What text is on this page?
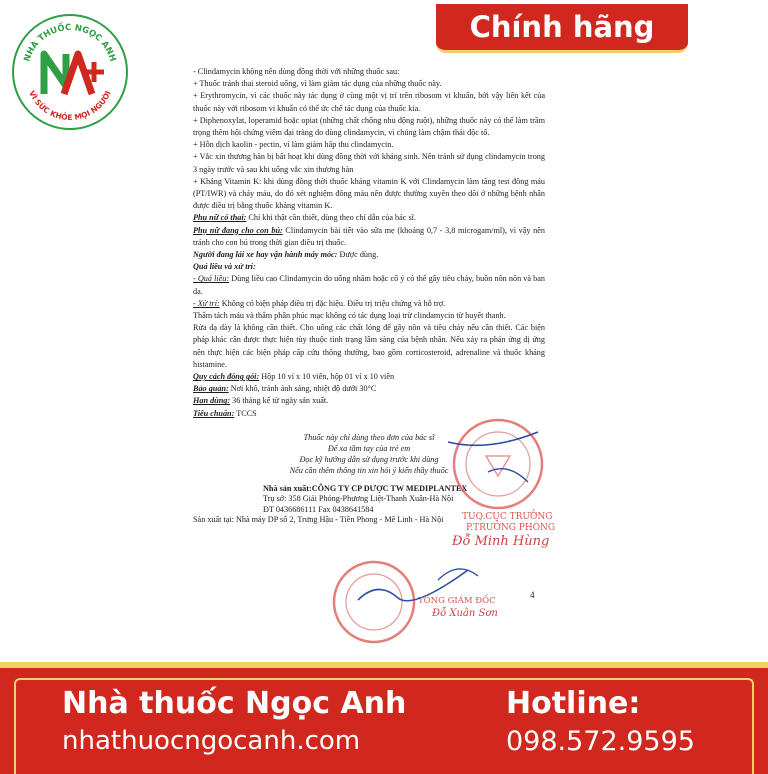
NHÀ THUỐC NGỌC ANH
VÌ SỨC KHỎE MỌI NGƯỜI
Chính hãng

- Clindamycin không nên dùng đồng thời với những thuốc sau:

+ Thuốc tránh thai steroid uống, vì làm giảm tác dụng của những thuốc này.

+ Erythromycin, vì các thuốc này tác dụng ở cùng một vị trí trên ribosom vi khuẩn, bởi vậy liên kết của thuốc này với ribosom vi khuẩn có thể ức chế tác dụng của thuốc kia.

+ Diphenoxylat, loperamid hoặc opiat (những chất chống nhu động ruột), những thuốc này có thể làm trầm trọng thêm hội chứng viêm đại tràng do dùng clindamycin, vì chúng làm chậm thải độc tố.

+ Hỗn dịch kaolin - pectin, vì làm giảm hấp thu clindamycin.

+ Vắc xin thương hàn bị bất hoạt khi dùng đồng thời với kháng sinh. Nên tránh sử dụng clindamycin trong 3 ngày trước và sau khi uống vắc xin thương hàn

+ Kháng Vitamin K: khi dùng đồng thời thuốc kháng vitamin K với Clindamycin làm tăng test đông máu (PT/IWR) và chảy máu, do đó xét nghiệm đông máu nên được thường xuyên theo dõi ở những bệnh nhân được điều trị bằng thuốc kháng vitamin K.

Phụ nữ có thai: Chỉ khi thật cần thiết, dùng theo chỉ dẫn của bác sĩ.

Phụ nữ đang cho con bú: Clindamycin bài tiết vào sữa mẹ (khoảng 0,7 - 3,8 microgam/ml), vì vậy nên tránh cho con bú trong thời gian điều trị thuốc.

Người đang lái xe hay vận hành máy móc: Được dùng.

Quá liều và xử trí:

- Quá liều: Dùng liều cao Clindamycin do uống nhầm hoặc cố ý có thể gây tiêu chảy, buồn nôn nôn và ban da.

- Xử trí: Không có biện pháp điều trị đặc hiệu. Điều trị triệu chứng và hỗ trợ.

Thẩm tách máu và thẩm phân phúc mạc không có tác dụng loại trừ clindamycin từ huyết thanh.

Rửa dạ dày là không cần thiết. Cho uống các chất lỏng để gây nôn và tiêu chảy nếu cần thiết. Các biện pháp khác cần được thực hiện tùy thuộc tình trạng lâm sàng của bệnh nhân. Nếu xảy ra phản ứng dị ứng nên thực hiện các biện pháp cấp cứu thông thường, bao gồm corticosteroid, adrenaline và thuốc kháng histamine.

Quy cách đóng gói: Hộp 10 vỉ x 10 viên, hộp 01 vỉ x 10 viên

Bảo quản: Nơi khô, tránh ánh sáng, nhiệt độ dưới 30°C

Hạn dùng: 36 tháng kể từ ngày sản xuất.

Tiêu chuẩn: TCCS

Thuốc này chỉ dùng theo đơn của bác sĩ
Để xa tầm tay của trẻ em
Đọc kỹ hướng dẫn sử dụng trước khi dùng
Nếu cần thêm thông tin xin hỏi ý kiến thầy thuốc
Nhà sản xuất:CÔNG TY CP DƯỢC TW MEDIPLANTEX
Trụ sở: 358 Giải Phóng-Phương Liệt-Thanh Xuân-Hà Nội
ĐT 0436686111 Fax 0438641584
Sản xuất tại: Nhà máy DP số 2, Trưng Hậu - Tiền Phong - Mê Linh - Hà Nội
4
TUQ.CỤC TRƯỞNG
P.TRƯỞNG PHÒNG
Đỗ Minh Hùng
TỔNG GIÁM ĐỐC
Đỗ Xuân Sơn
Nhà thuốc Ngọc Anh
nhathuocngocanh.com
Hotline:
098.572.9595
